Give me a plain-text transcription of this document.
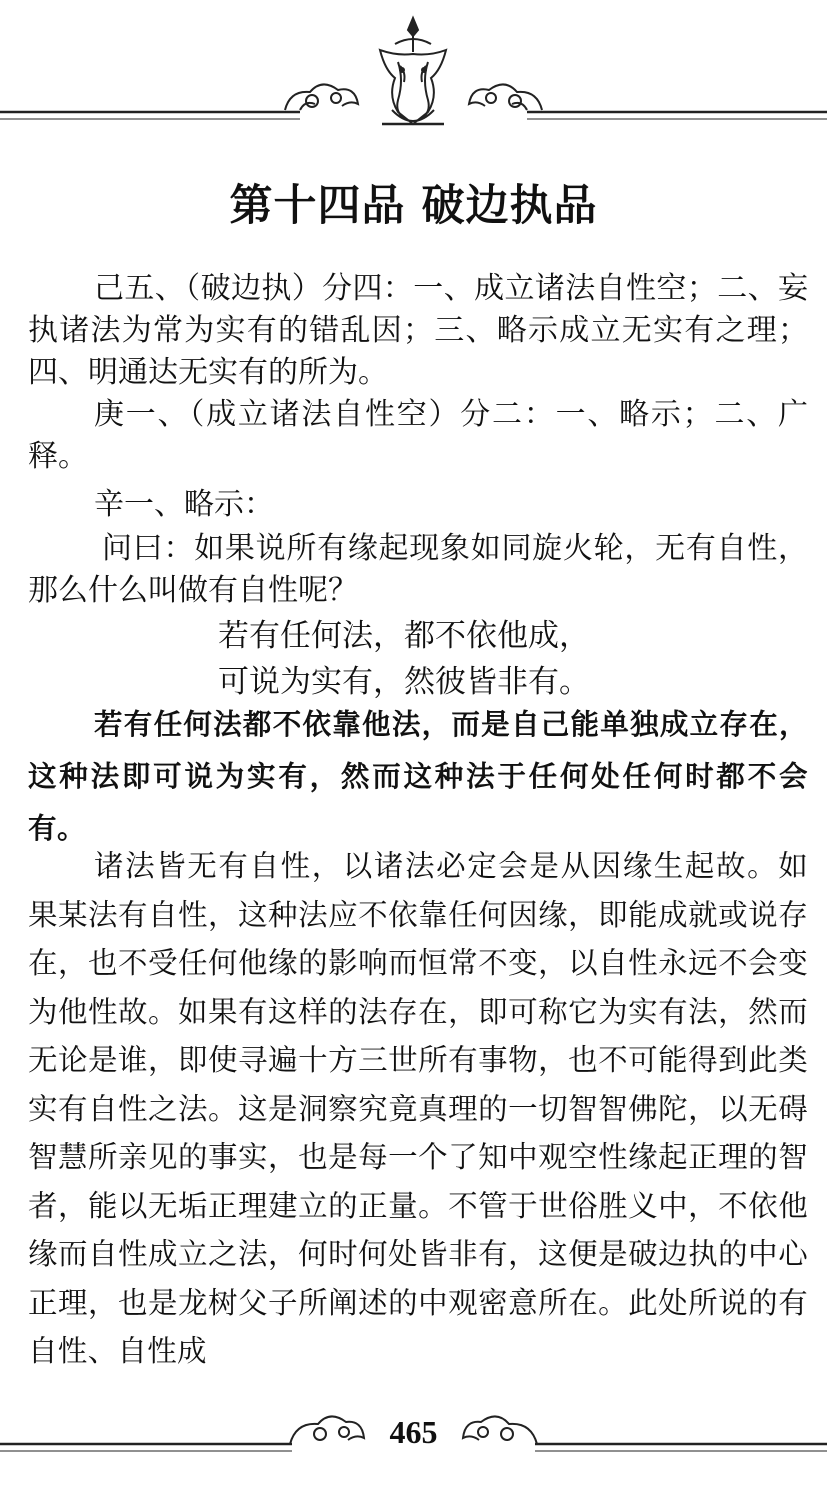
第十四品 破边执品

己五、（破边执）分四：一、成立诸法自性空；二、妄执诸法为常为实有的错乱因；三、略示成立无实有之理；四、明通达无实有的所为。

庚一、（成立诸法自性空）分二：一、略示；二、广释。

辛一、略示：

问曰：如果说所有缘起现象如同旋火轮，无有自性，那么什么叫做有自性呢？

若有任何法，都不依他成，

可说为实有，然彼皆非有。

若有任何法都不依靠他法，而是自己能单独成立存在，这种法即可说为实有，然而这种法于任何处任何时都不会有。

诸法皆无有自性，以诸法必定会是从因缘生起故。如果某法有自性，这种法应不依靠任何因缘，即能成就或说存在，也不受任何他缘的影响而恒常不变，以自性永远不会变为他性故。如果有这样的法存在，即可称它为实有法，然而无论是谁，即使寻遍十方三世所有事物，也不可能得到此类实有自性之法。这是洞察究竟真理的一切智智佛陀，以无碍智慧所亲见的事实，也是每一个了知中观空性缘起正理的智者，能以无垢正理建立的正量。不管于世俗胜义中，不依他缘而自性成立之法，何时何处皆非有，这便是破边执的中心正理，也是龙树父子所阐述的中观密意所在。此处所说的有自性、自性成

465
